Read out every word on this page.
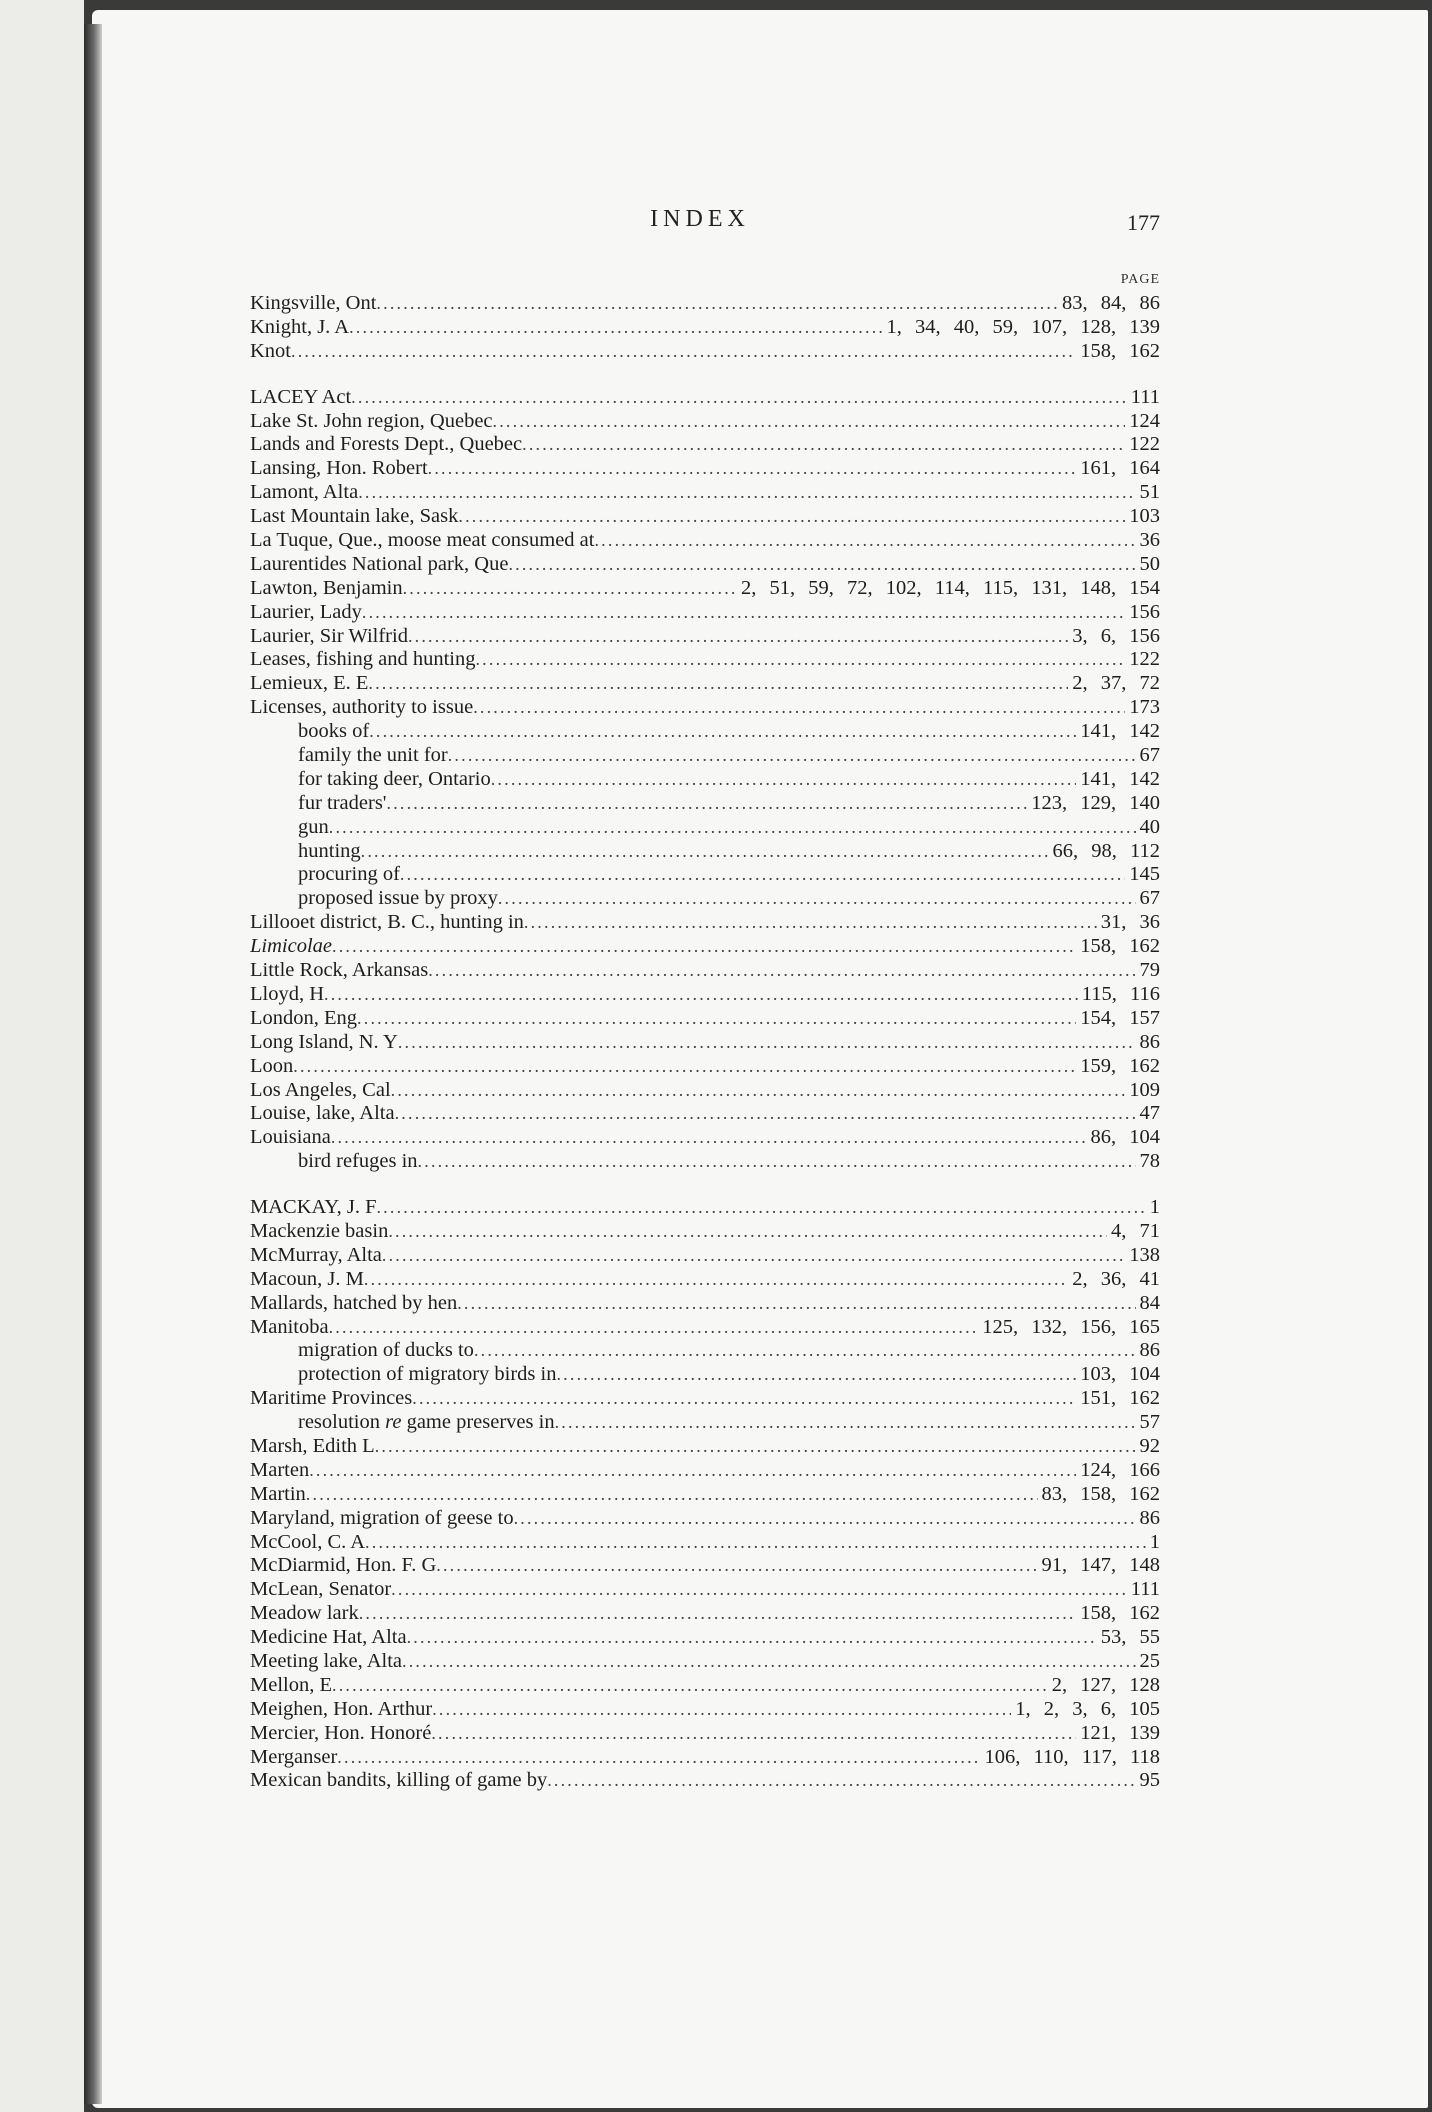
INDEX	177
PAGE
Kingsville, Ont .....	83, 84, 86
Knight, J. A .....	1, 34, 40, 59, 107, 128, 139
Knot .....	158, 162
LACEY Act .....	111
Lake St. John region, Quebec .....	124
Lands and Forests Dept., Quebec .....	122
Lansing, Hon. Robert .....	161, 164
Lamont, Alta .....	51
Last Mountain lake, Sask .....	103
La Tuque, Que., moose meat consumed at .....	36
Laurentides National park, Que .....	50
Lawton, Benjamin .....	2, 51, 59, 72, 102, 114, 115, 131, 148, 154
Laurier, Lady .....	156
Laurier, Sir Wilfrid .....	3, 6, 156
Leases, fishing and hunting .....	122
Lemieux, E. E .....	2, 37, 72
Licenses, authority to issue .....	173
books of .....	141, 142
family the unit for .....	67
for taking deer, Ontario .....	141, 142
fur traders' .....	123, 129, 140
gun .....	40
hunting .....	66, 98, 112
procuring of .....	145
proposed issue by proxy .....	67
Lillooet district, B. C., hunting in .....	31, 36
Limicolae .....	158, 162
Little Rock, Arkansas .....	79
Lloyd, H .....	115, 116
London, Eng .....	154, 157
Long Island, N. Y .....	86
Loon .....	159, 162
Los Angeles, Cal .....	109
Louise, lake, Alta .....	47
Louisiana .....	86, 104
bird refuges in .....	78
MACKAY, J. F .....	1
Mackenzie basin .....	4, 71
McMurray, Alta .....	138
Macoun, J. M .....	2, 36, 41
Mallards, hatched by hen .....	84
Manitoba .....	125, 132, 156, 165
migration of ducks to .....	86
protection of migratory birds in .....	103, 104
Maritime Provinces .....	151, 162
resolution re game preserves in .....	57
Marsh, Edith L .....	92
Marten .....	124, 166
Martin .....	83, 158, 162
Maryland, migration of geese to .....	86
McCool, C. A .....	1
McDiarmid, Hon. F. G .....	91, 147, 148
McLean, Senator .....	111
Meadow lark .....	158, 162
Medicine Hat, Alta .....	53, 55
Meeting lake, Alta .....	25
Mellon, E .....	2, 127, 128
Meighen, Hon. Arthur .....	1, 2, 3, 6, 105
Mercier, Hon. Honoré .....	121, 139
Merganser .....	106, 110, 117, 118
Mexican bandits, killing of game by .....	95
